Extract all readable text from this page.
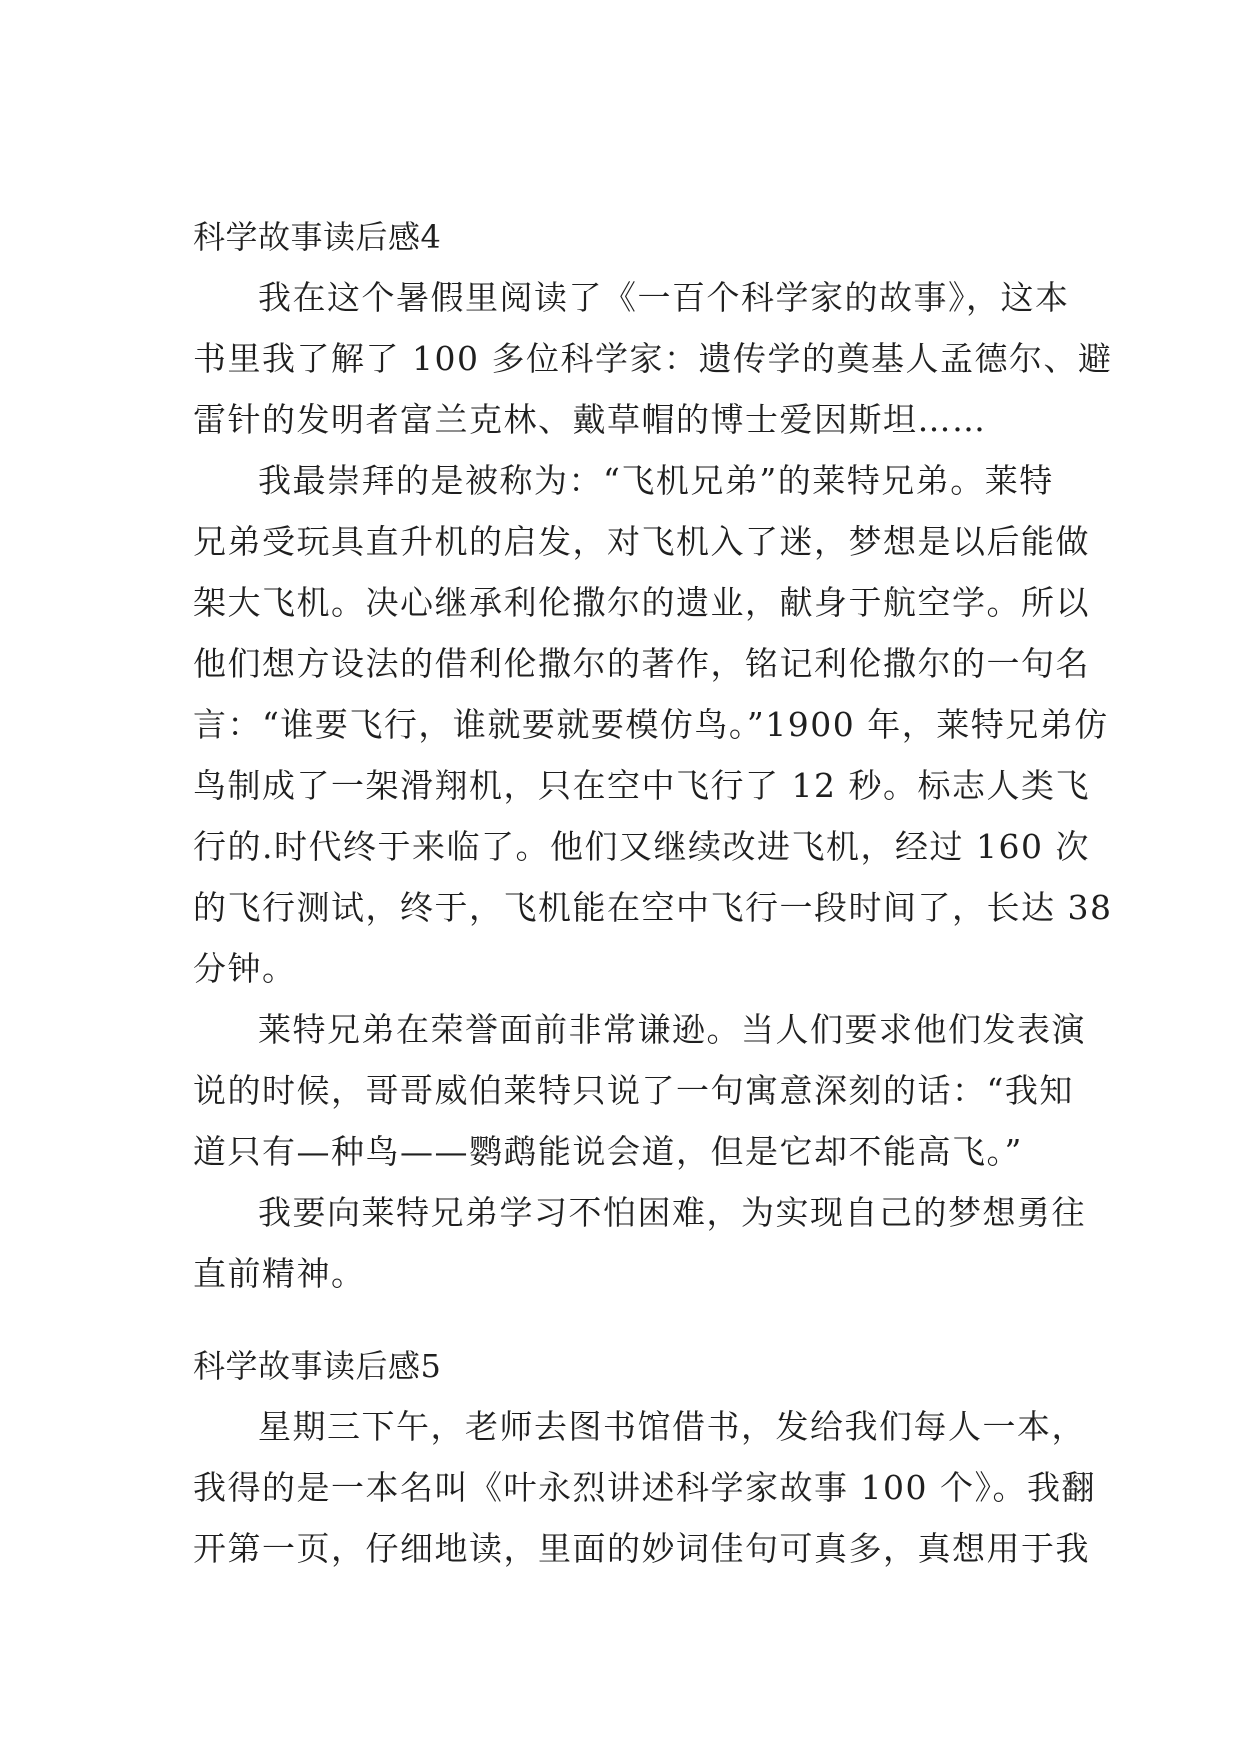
科学故事读后感4
我在这个暑假里阅读了《一百个科学家的故事》，这本
书里我了解了 100 多位科学家：遗传学的奠基人孟德尔、避
雷针的发明者富兰克林、戴草帽的博士爱因斯坦……
我最崇拜的是被称为：“飞机兄弟”的莱特兄弟。莱特
兄弟受玩具直升机的启发，对飞机入了迷，梦想是以后能做
架大飞机。决心继承利伦撒尔的遗业，献身于航空学。所以
他们想方设法的借利伦撒尔的著作，铭记利伦撒尔的一句名
言：“谁要飞行，谁就要就要模仿鸟。”1900 年，莱特兄弟仿
鸟制成了一架滑翔机，只在空中飞行了 12 秒。标志人类飞
行的.时代终于来临了。他们又继续改进飞机，经过 160 次
的飞行测试，终于，飞机能在空中飞行一段时间了，长达 38
分钟。
莱特兄弟在荣誉面前非常谦逊。当人们要求他们发表演
说的时候，哥哥威伯莱特只说了一句寓意深刻的话：“我知
道只有—种鸟——鹦鹉能说会道，但是它却不能高飞。”
我要向莱特兄弟学习不怕困难，为实现自己的梦想勇往
直前精神。
科学故事读后感5
星期三下午，老师去图书馆借书，发给我们每人一本，
我得的是一本名叫《叶永烈讲述科学家故事 100 个》。我翻
开第一页，仔细地读，里面的妙词佳句可真多，真想用于我
